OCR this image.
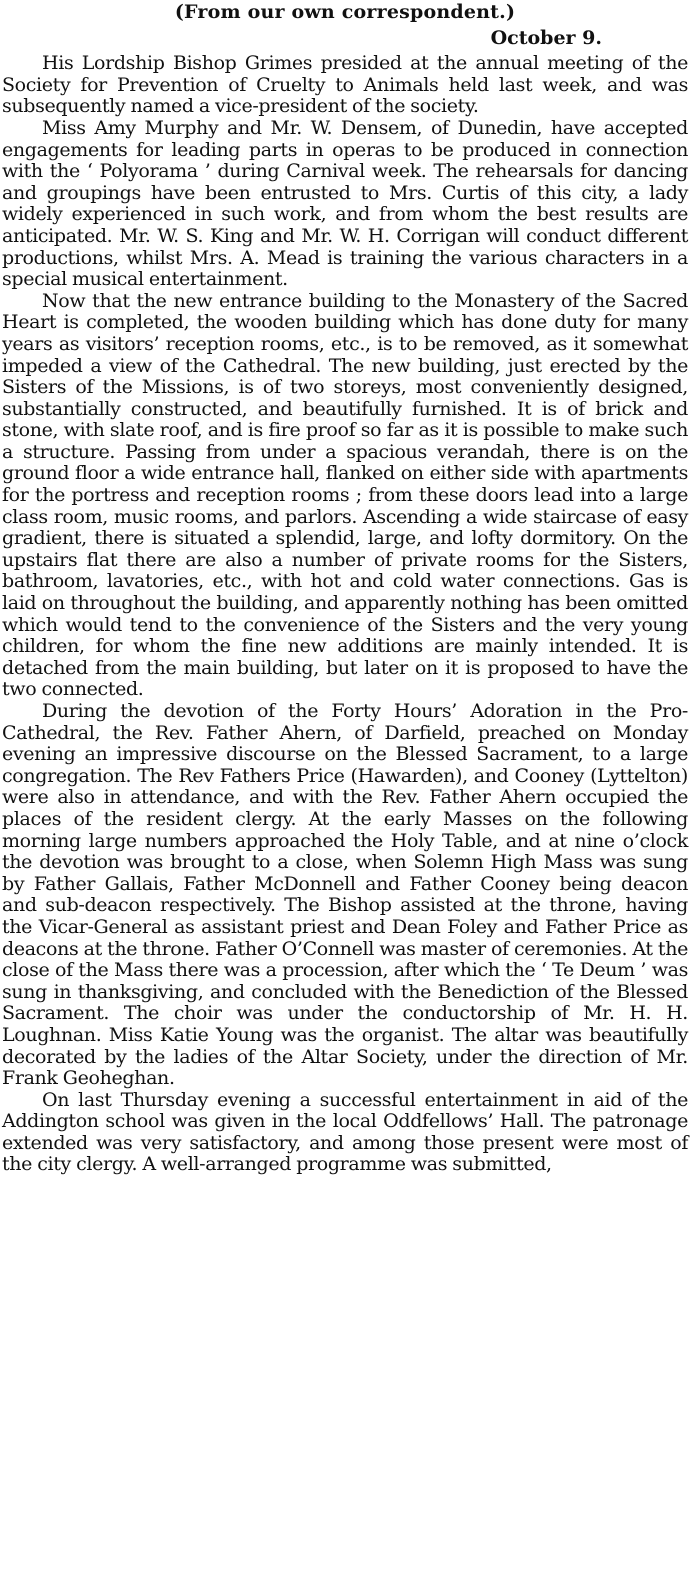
(From our own correspondent.)
October 9.

His Lordship Bishop Grimes presided at the annual meeting of the Society for Prevention of Cruelty to Animals held last week, and was subsequently named a vice-president of the society.

Miss Amy Murphy and Mr. W. Densem, of Dunedin, have accepted engagements for leading parts in operas to be produced in connection with the ‘ Polyorama ’ during Carnival week. The rehearsals for dancing and groupings have been entrusted to Mrs. Curtis of this city, a lady widely experienced in such work, and from whom the best results are anticipated. Mr. W. S. King and Mr. W. H. Corrigan will conduct different productions, whilst Mrs. A. Mead is training the various characters in a special musical entertainment.

Now that the new entrance building to the Monastery of the Sacred Heart is completed, the wooden building which has done duty for many years as visitors’ reception rooms, etc., is to be removed, as it somewhat impeded a view of the Cathedral. The new building, just erected by the Sisters of the Missions, is of two storeys, most conveniently designed, substantially constructed, and beautifully furnished. It is of brick and stone, with slate roof, and is fire proof so far as it is possible to make such a structure. Passing from under a spacious verandah, there is on the ground floor a wide entrance hall, flanked on either side with apartments for the portress and reception rooms ; from these doors lead into a large class room, music rooms, and parlors. Ascending a wide staircase of easy gradient, there is situated a splendid, large, and lofty dormitory. On the upstairs flat there are also a number of private rooms for the Sisters, bathroom, lavatories, etc., with hot and cold water connections. Gas is laid on throughout the building, and apparently nothing has been omitted which would tend to the convenience of the Sisters and the very young children, for whom the fine new additions are mainly intended. It is detached from the main building, but later on it is proposed to have the two connected.

During the devotion of the Forty Hours’ Adoration in the Pro-Cathedral, the Rev. Father Ahern, of Darfield, preached on Monday evening an impressive discourse on the Blessed Sacrament, to a large congregation. The Rev Fathers Price (Hawarden), and Cooney (Lyttelton) were also in attendance, and with the Rev. Father Ahern occupied the places of the resident clergy. At the early Masses on the following morning large numbers approached the Holy Table, and at nine o’clock the devotion was brought to a close, when Solemn High Mass was sung by Father Gallais, Father McDonnell and Father Cooney being deacon and sub-deacon respectively. The Bishop assisted at the throne, having the Vicar-General as assistant priest and Dean Foley and Father Price as deacons at the throne. Father O’Connell was master of ceremonies. At the close of the Mass there was a procession, after which the ‘ Te Deum ’ was sung in thanksgiving, and concluded with the Benediction of the Blessed Sacrament. The choir was under the conductorship of Mr. H. H. Loughnan. Miss Katie Young was the organist. The altar was beautifully decorated by the ladies of the Altar Society, under the direction of Mr. Frank Geoheghan.

On last Thursday evening a successful entertainment in aid of the Addington school was given in the local Oddfellows’ Hall. The patronage extended was very satisfactory, and among those present were most of the city clergy. A well-arranged programme was submitted,
